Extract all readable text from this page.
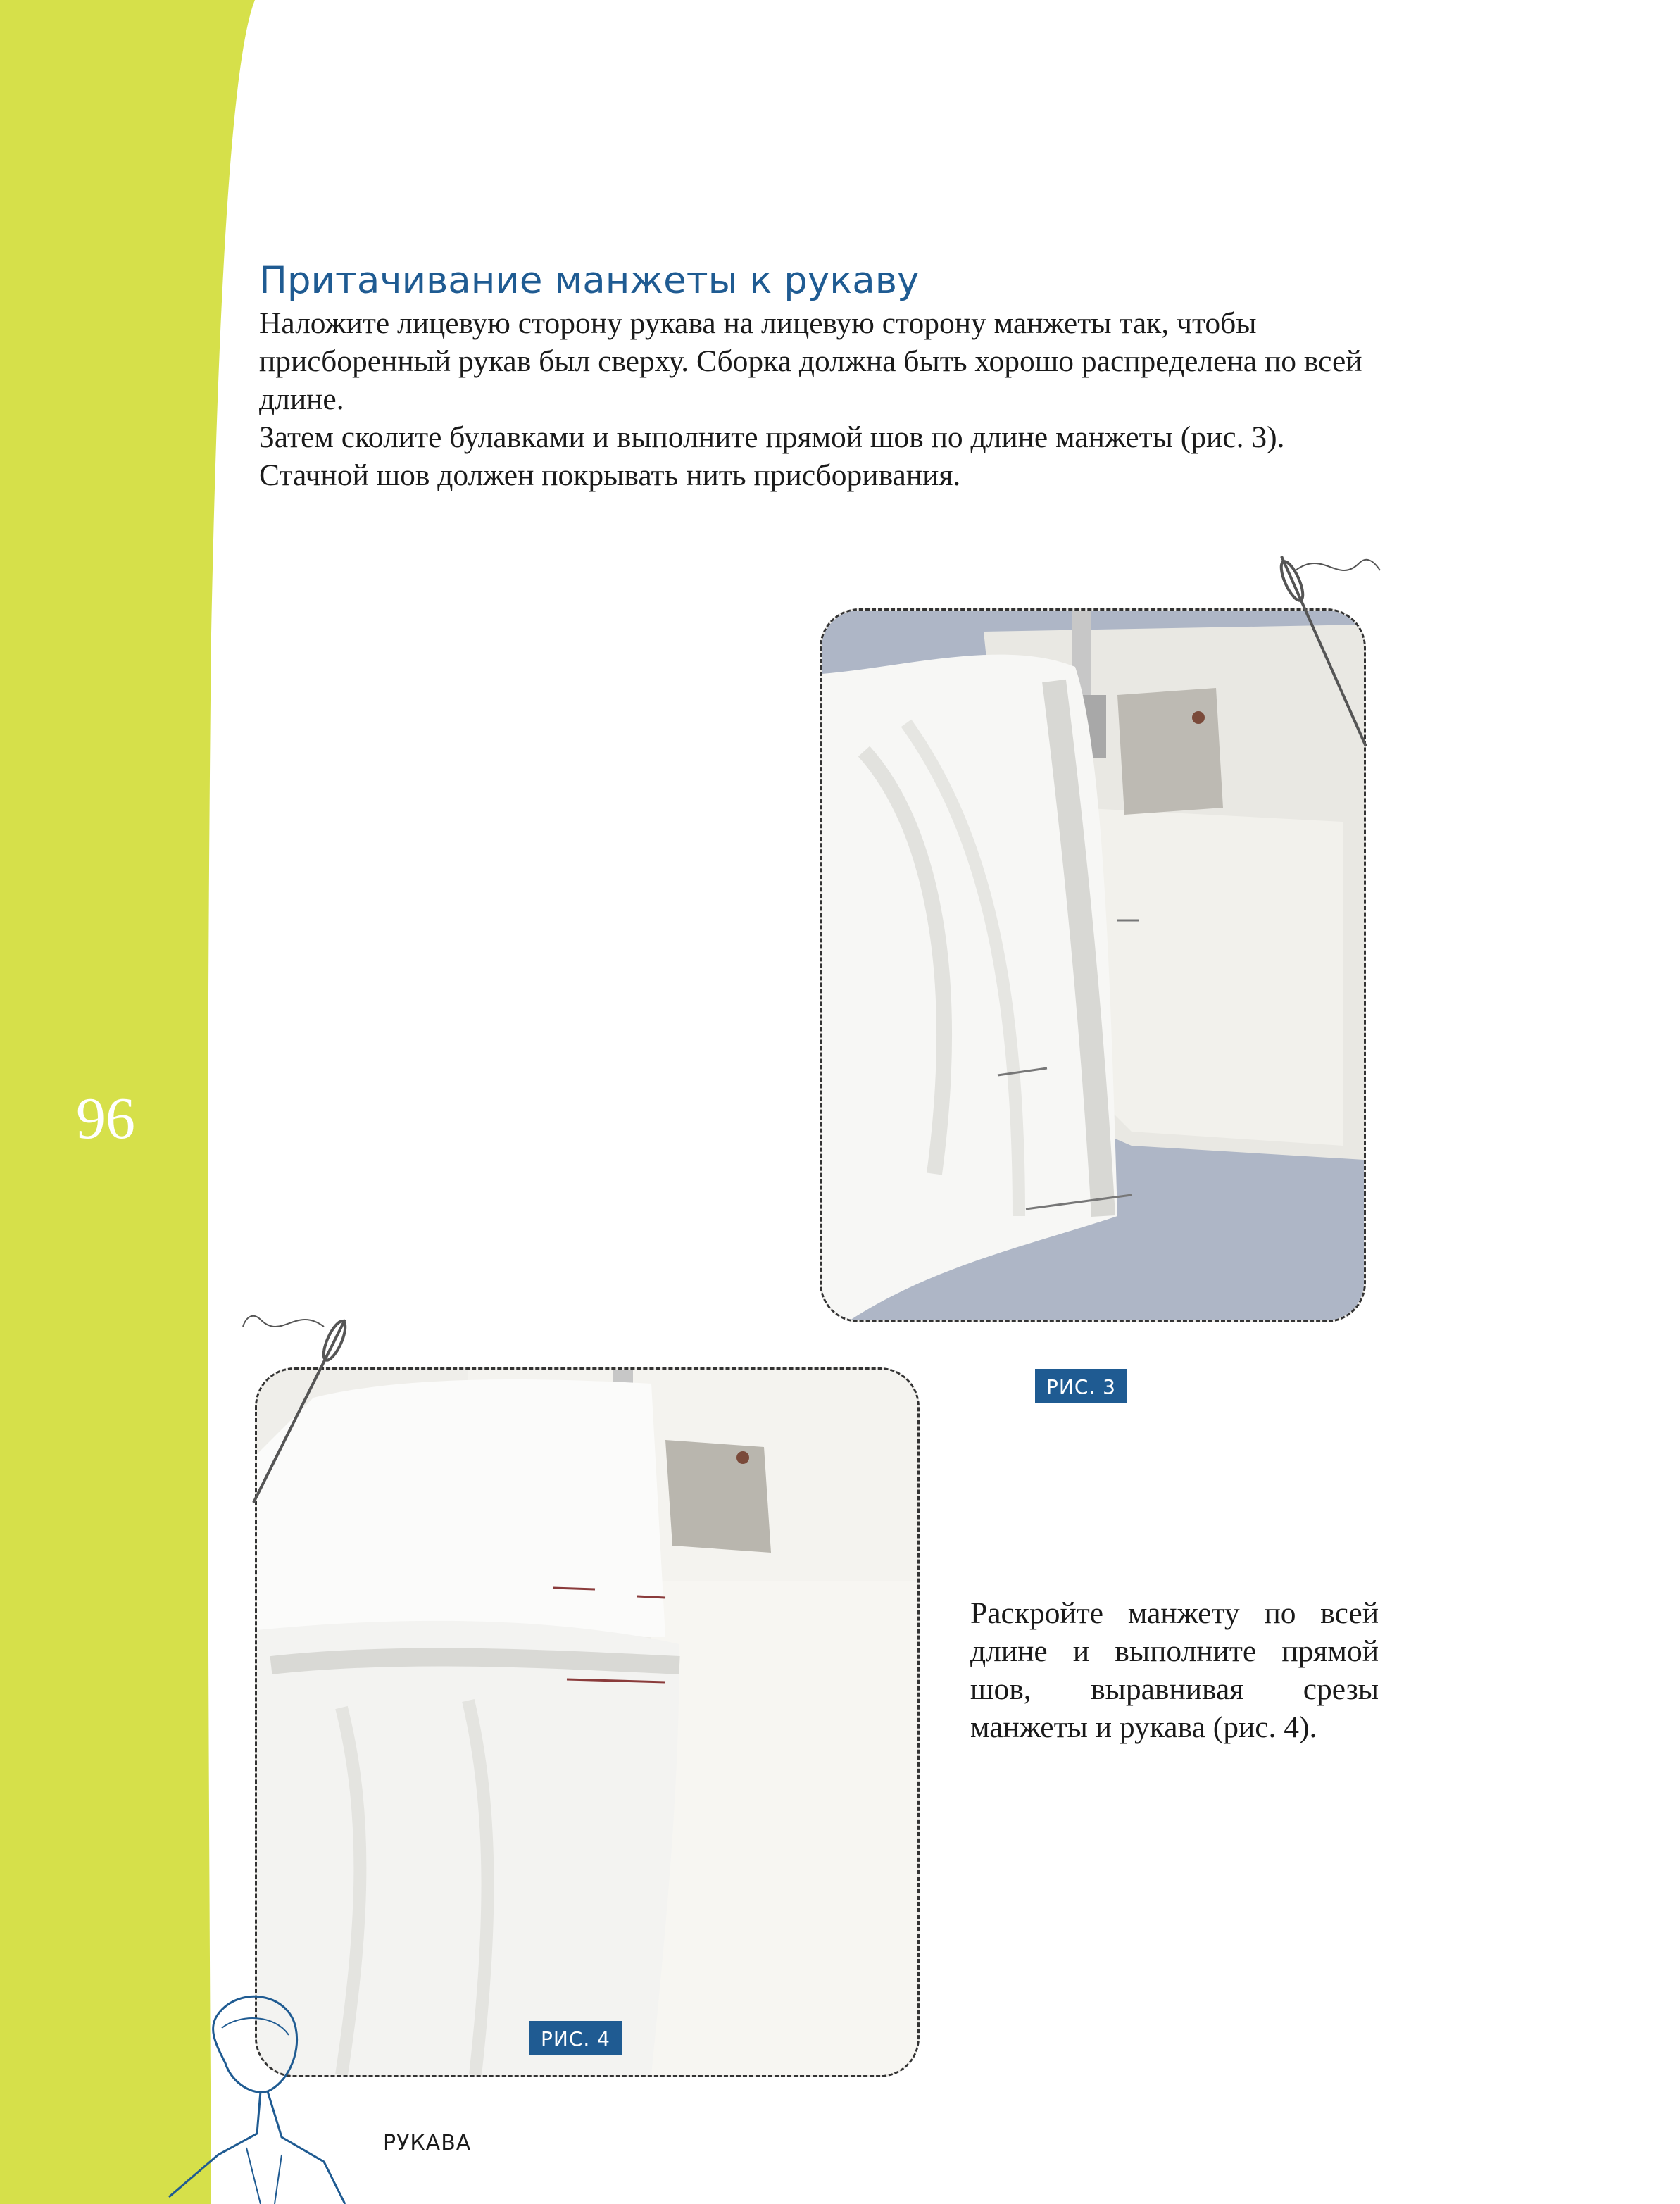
96
Притачивание манжеты к рукаву

Наложите лицевую сторону рукава на лицевую сторону манжеты так, чтобы присборенный рукав был сверху. Сборка должна быть хорошо распределена по всей длине.

Затем сколите булавками и выполните прямой шов по длине манжеты (рис. 3).

Стачной шов должен покрывать нить присборивания.

РИС. 3
РИС. 4

Раскройте манжету по всей длине и выполните прямой шов, выравнивая срезы манжеты и рукава (рис. 4).

РУКАВА
